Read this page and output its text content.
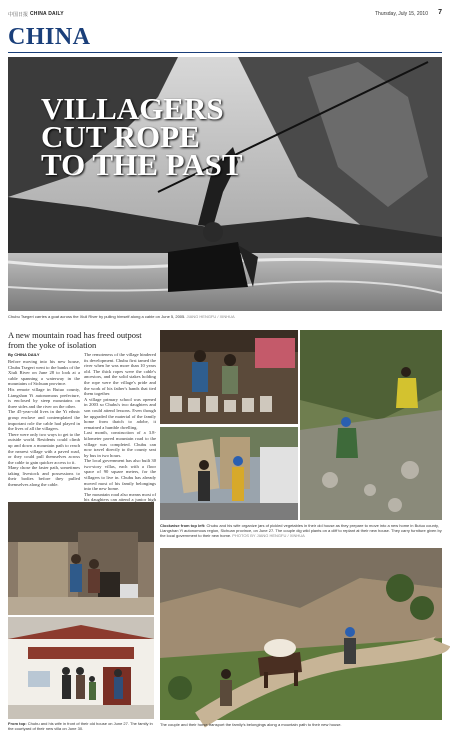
中国日报 CHINA DAILY	Thursday, July 15, 2010 7
CHINA
VILLAGERS
CUT ROPE
TO THE PAST
Chubu Tsegeri carries a goat across the Xiuli River by pulling himself along a cable on June 5, 2005. JIANG HENGFU / XINHUA
A new mountain road has freed outpost from the yoke of isolation
By CHINA DAILY
Before moving into his new house, Chubu Tsegeri went to the banks of the Xiuli River on June 28 to look at a cable spanning a waterway in the mountains of Sichuan province.
His remote village in Butuo county, Liangshan Yi autonomous prefecture, is enclosed by steep mountains on three sides and the river on the other.
The 45-year-old lives in the Yi ethnic group enclave and contemplated the important role the cable had played in the lives of all the villagers.
There were only two ways to get to the outside world. Residents could climb up and down a mountain path to reach the nearest village with a paved road, or they could pull themselves across the cable to gain quicker access to it.
Many chose the faster path, sometimes taking livestock and possessions to their bodies before they pulled themselves along the cable.
The remoteness of the village hindered its development. Chubu first tamed the river when he was more than 10 years old. The thick ropes were the cable's ancestors, and the solid stakes holding the rope were the village's pride and the work of his father's hands that tied them together.
A village primary school was opened in 2003 so Chubu's two daughters and son could attend lessons. Even though he upgraded the material of the family home from thatch to adobe, it remained a humble dwelling.
Last month, construction of a 3.8-kilometer paved mountain road to the village was completed. Chubu can now travel directly to the county seat by bus in two hours.
The local government has also built 30 two-story villas, each with a floor space of 90 square meters, for the villagers to live in. Chubu has already moved most of his family belongings into the new home.
The mountain road also means most of his daughters can attend a junior high
From top: Chubu and his wife in front of their old house on June 27. The family in the courtyard of their new villa on June 30.
Clockwise from top left: Chubu and his wife organize jars of pickled vegetables in their old house as they prepare to move into a new home in Butuo county, Liangshan Yi autonomous region, Sichuan province, on June 27. The couple dig wild plants on a cliff to replant at their new house. They carry furniture given by the local government to their new home. PHOTOS BY JIANG HENGFU / XINHUA
The couple and their horse transport the family's belongings along a mountain path to their new house.
